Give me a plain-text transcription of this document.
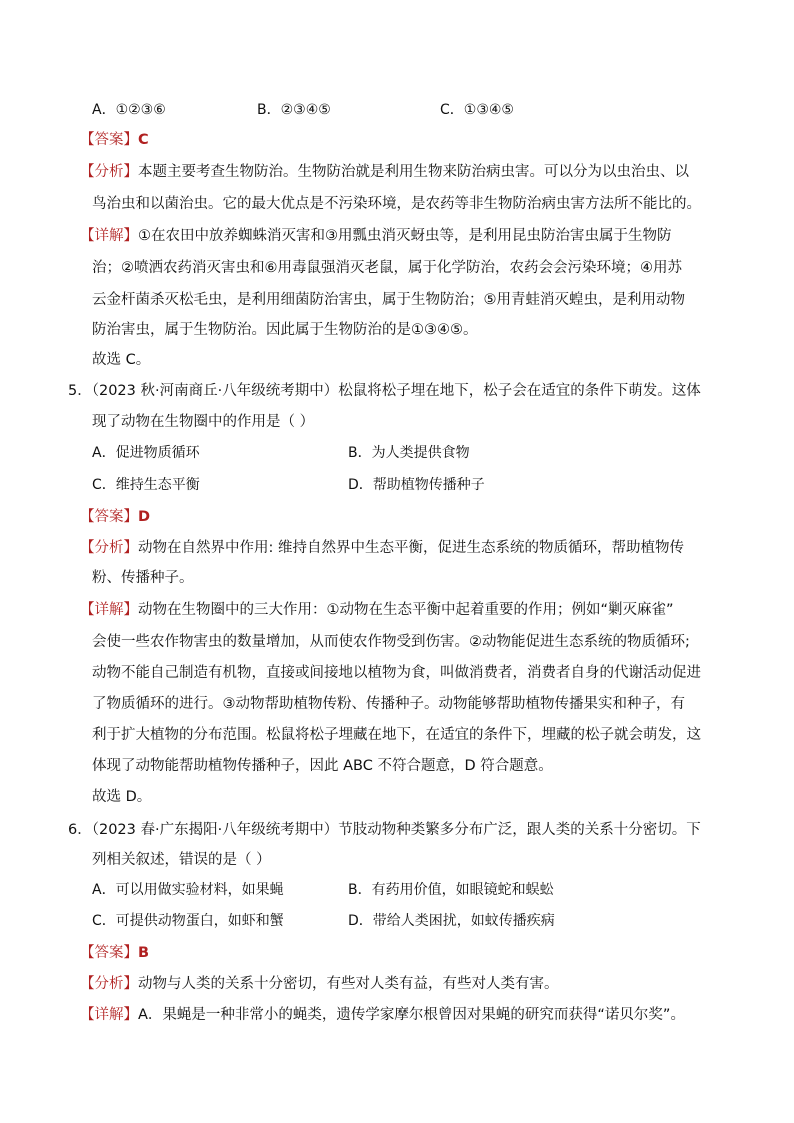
A．①②③⑥	B．②③④⑤	C．①③④⑤
【答案】C
【分析】本题主要考查生物防治。生物防治就是利用生物来防治病虫害。可以分为以虫治虫、以
鸟治虫和以菌治虫。它的最大优点是不污染环境，是农药等非生物防治病虫害方法所不能比的。
【详解】①在农田中放养蜘蛛消灭害和③用瓢虫消灭蚜虫等，是利用昆虫防治害虫属于生物防
治；②喷洒农药消灭害虫和⑥用毒鼠强消灭老鼠，属于化学防治，农药会会污染环境；④用苏
云金杆菌杀灭松毛虫，是利用细菌防治害虫，属于生物防治；⑤用青蛙消灭蝗虫，是利用动物
防治害虫，属于生物防治。因此属于生物防治的是①③④⑤。
故选 C。
5．（2023 秋·河南商丘·八年级统考期中）松鼠将松子埋在地下，松子会在适宜的条件下萌发。这体
现了动物在生物圈中的作用是（ ）
A．促进物质循环	B．为人类提供食物
C．维持生态平衡	D．帮助植物传播种子
【答案】D
【分析】动物在自然界中作用: 维持自然界中生态平衡，促进生态系统的物质循环，帮助植物传
粉、传播种子。
【详解】动物在生物圈中的三大作用：①动物在生态平衡中起着重要的作用；例如“剿灭麻雀”
会使一些农作物害虫的数量增加，从而使农作物受到伤害。②动物能促进生态系统的物质循环;
动物不能自己制造有机物，直接或间接地以植物为食，叫做消费者，消费者自身的代谢活动促进
了物质循环的进行。③动物帮助植物传粉、传播种子。动物能够帮助植物传播果实和种子，有
利于扩大植物的分布范围。松鼠将松子埋藏在地下，在适宜的条件下，埋藏的松子就会萌发，这
体现了动物能帮助植物传播种子，因此 ABC 不符合题意，D 符合题意。
故选 D。
6．（2023 春·广东揭阳·八年级统考期中）节肢动物种类繁多分布广泛，跟人类的关系十分密切。下
列相关叙述，错误的是（ ）
A．可以用做实验材料，如果蝇	B．有药用价值，如眼镜蛇和蜈蚣
C．可提供动物蛋白，如虾和蟹	D．带给人类困扰，如蚊传播疾病
【答案】B
【分析】动物与人类的关系十分密切，有些对人类有益，有些对人类有害。
【详解】A．果蝇是一种非常小的蝇类，遗传学家摩尔根曾因对果蝇的研究而获得“诺贝尔奖”。
